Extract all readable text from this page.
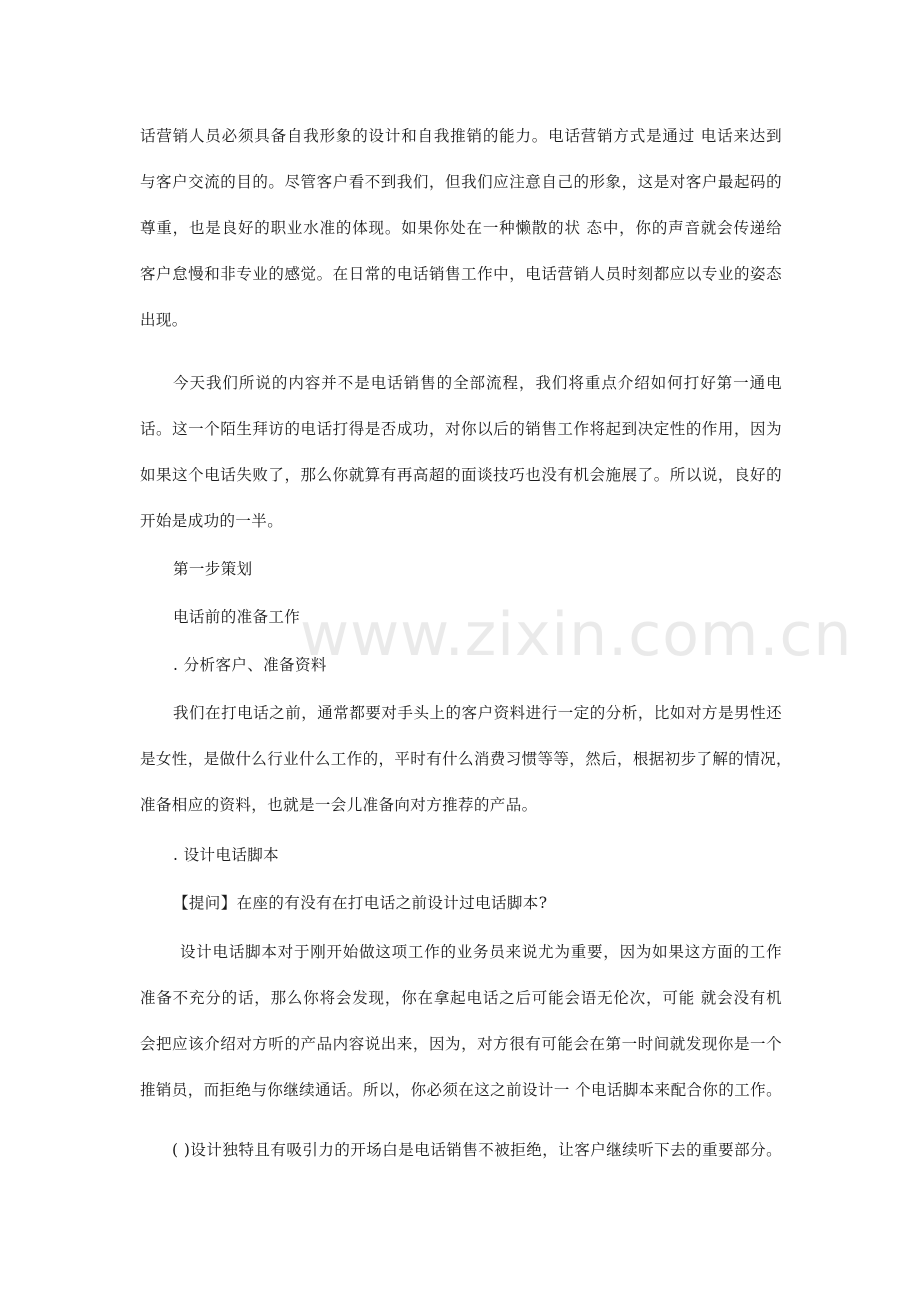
www.zixin.com.cn
话营销人员必须具备自我形象的设计和自我推销的能力。电话营销方式是通过 电话来达到
与客户交流的目的。尽管客户看不到我们，但我们应注意自己的形象，这是对客户最起码的
尊重，也是良好的职业水准的体现。如果你处在一种懒散的状 态中，你的声音就会传递给
客户怠慢和非专业的感觉。在日常的电话销售工作中，电话营销人员时刻都应以专业的姿态
出现。
今天我们所说的内容并不是电话销售的全部流程，我们将重点介绍如何打好第一通电
话。这一个陌生拜访的电话打得是否成功，对你以后的销售工作将起到决定性的作用，因为
如果这个电话失败了，那么你就算有再高超的面谈技巧也没有机会施展了。所以说，良好的
开始是成功的一半。
第一步策划
电话前的准备工作
. 分析客户、准备资料
我们在打电话之前，通常都要对手头上的客户资料进行一定的分析，比如对方是男性还
是女性，是做什么行业什么工作的，平时有什么消费习惯等等，然后，根据初步了解的情况，
准备相应的资料，也就是一会儿准备向对方推荐的产品。
. 设计电话脚本
【提问】在座的有没有在打电话之前设计过电话脚本?
设计电话脚本对于刚开始做这项工作的业务员来说尤为重要，因为如果这方面的工作
准备不充分的话，那么你将会发现，你在拿起电话之后可能会语无伦次，可能 就会没有机
会把应该介绍对方听的产品内容说出来，因为，对方很有可能会在第一时间就发现你是一个
推销员，而拒绝与你继续通话。所以，你必须在这之前设计一 个电话脚本来配合你的工作。
( )设计独特且有吸引力的开场白是电话销售不被拒绝，让客户继续听下去的重要部分。
